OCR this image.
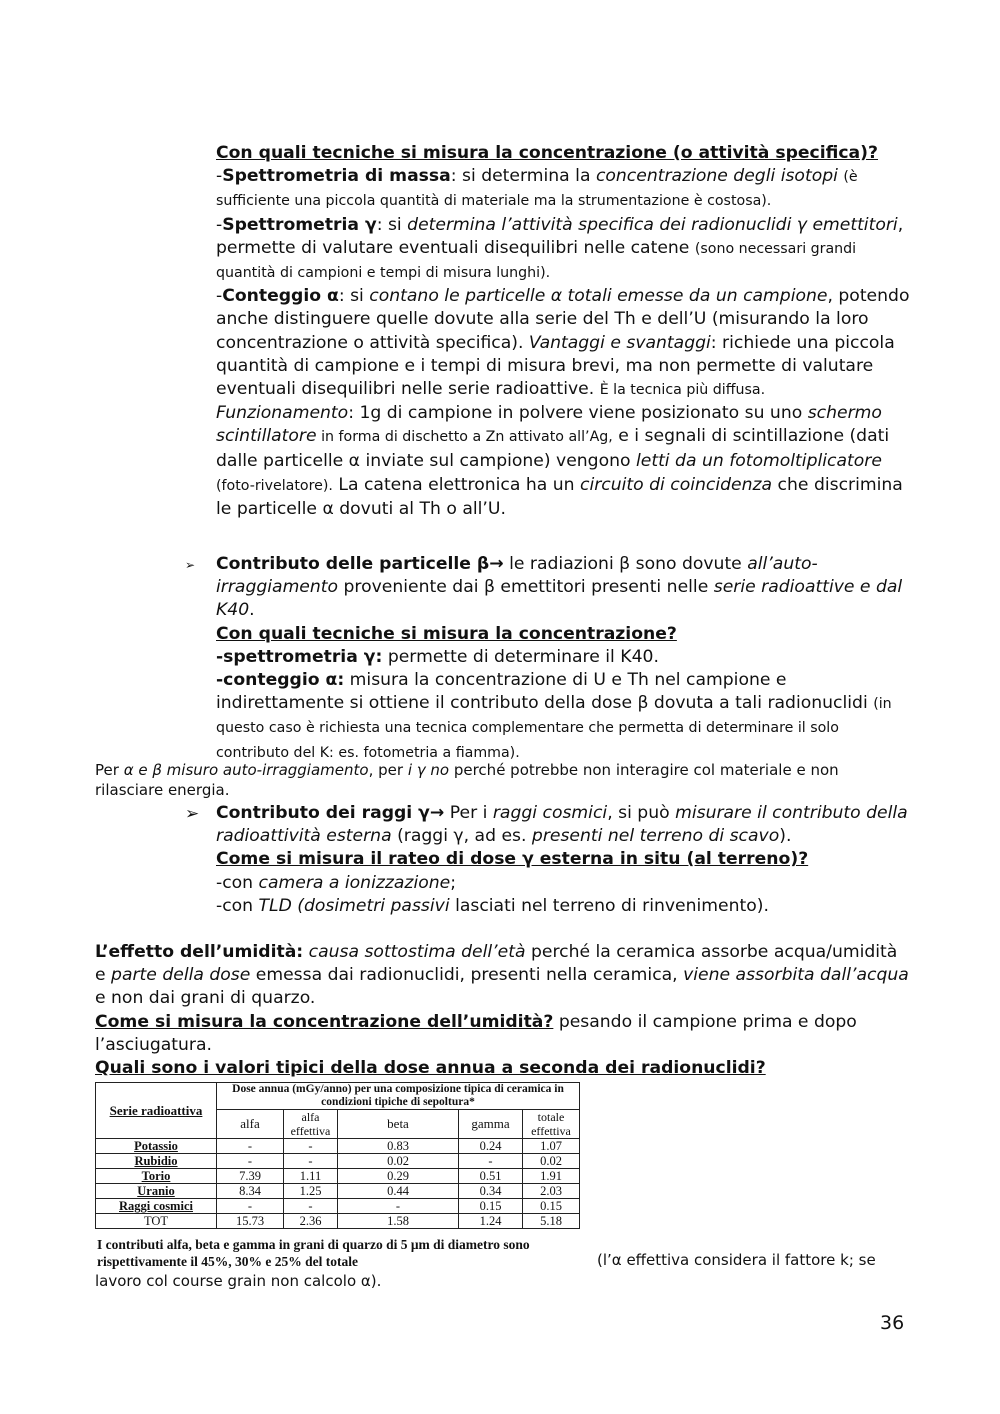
Con quali tecniche si misura la concentrazione (o attività specifica)?
-Spettrometria di massa: si determina la concentrazione degli isotopi (è sufficiente una piccola quantità di materiale ma la strumentazione è costosa).
-Spettrometria γ: si determina l’attività specifica dei radionuclidi γ emettitori, permette di valutare eventuali disequilibri nelle catene (sono necessari grandi quantità di campioni e tempi di misura lunghi).
-Conteggio α: si contano le particelle α totali emesse da un campione, potendo anche distinguere quelle dovute alla serie del Th e dell’U (misurando la loro concentrazione o attività specifica). Vantaggi e svantaggi: richiede una piccola quantità di campione e i tempi di misura brevi, ma non permette di valutare eventuali disequilibri nelle serie radioattive. È la tecnica più diffusa.
Funzionamento: 1g di campione in polvere viene posizionato su uno schermo scintillatore in forma di dischetto a Zn attivato all’Ag, e i segnali di scintillazione (dati dalle particelle α inviate sul campione) vengono letti da un fotomoltiplicatore (foto-rivelatore). La catena elettronica ha un circuito di coincidenza che discrimina le particelle α dovuti al Th o all’U.
➢ Contributo delle particelle β→ le radiazioni β sono dovute all’auto-irraggiamento proveniente dai β emettitori presenti nelle serie radioattive e dal K40.
Con quali tecniche si misura la concentrazione?
-spettrometria γ: permette di determinare il K40.
-conteggio α: misura la concentrazione di U e Th nel campione e indirettamente si ottiene il contributo della dose β dovuta a tali radionuclidi (in questo caso è richiesta una tecnica complementare che permetta di determinare il solo contributo del K: es. fotometria a fiamma).
Per α e β misuro auto-irraggiamento, per i γ no perché potrebbe non interagire col materiale e non rilasciare energia.
➢ Contributo dei raggi γ→ Per i raggi cosmici, si può misurare il contributo della radioattività esterna (raggi γ, ad es. presenti nel terreno di scavo).
Come si misura il rateo di dose γ esterna in situ (al terreno)?
-con camera a ionizzazione;
-con TLD (dosimetri passivi lasciati nel terreno di rinvenimento).
L’effetto dell’umidità: causa sottostima dell’età perché la ceramica assorbe acqua/umidità e parte della dose emessa dai radionuclidi, presenti nella ceramica, viene assorbita dall’acqua e non dai grani di quarzo.
Come si misura la concentrazione dell’umidità? pesando il campione prima e dopo l’asciugatura.
Quali sono i valori tipici della dose annua a seconda dei radionuclidi?
Serie radioattiva	Dose annua (mGy/anno) per una composizione tipica di ceramica in condizioni tipiche di sepoltura*				
	alfa	alfa effettiva	beta	gamma	totale effettiva
Potassio	-	-	0.83	0.24	1.07
Rubidio	-	-	0.02	-	0.02
Torio	7.39	1.11	0.29	0.51	1.91
Uranio	8.34	1.25	0.44	0.34	2.03
Raggi cosmici	-	-	-	0.15	0.15
TOT	15.73	2.36	1.58	1.24	5.18
I contributi alfa, beta e gamma in grani di quarzo di 5 μm di diametro sono rispettivamente il 45%, 30% e 25% del totale	(l’α effettiva considera il fattore k; se lavoro col course grain non calcolo α).
36
